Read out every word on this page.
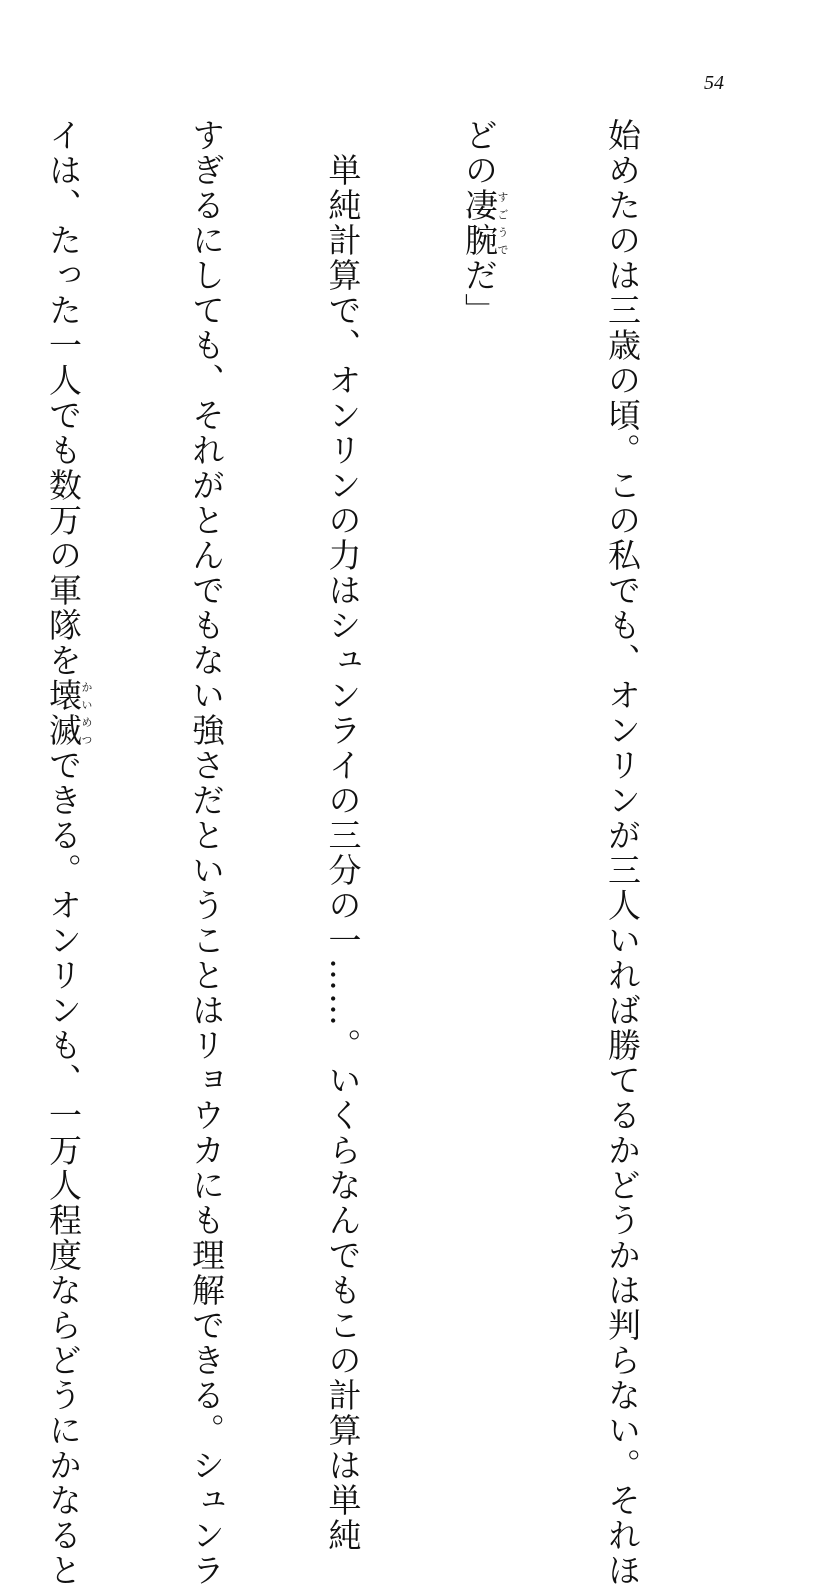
54

始めたのは三歳の頃。この私でも、オンリンが三人いれば勝てるかどうかは判らない。それほ

どの凄腕すごうでだ」

　単純計算で、オンリンの力はシュンライの三分の一……。いくらなんでもこの計算は単純

すぎるにしても、それがとんでもない強さだということはリョウカにも理解できる。シュンラ

イは、たった一人でも数万の軍隊を壊滅かいめつできる。オンリンも、一万人程度ならどうにかなると
